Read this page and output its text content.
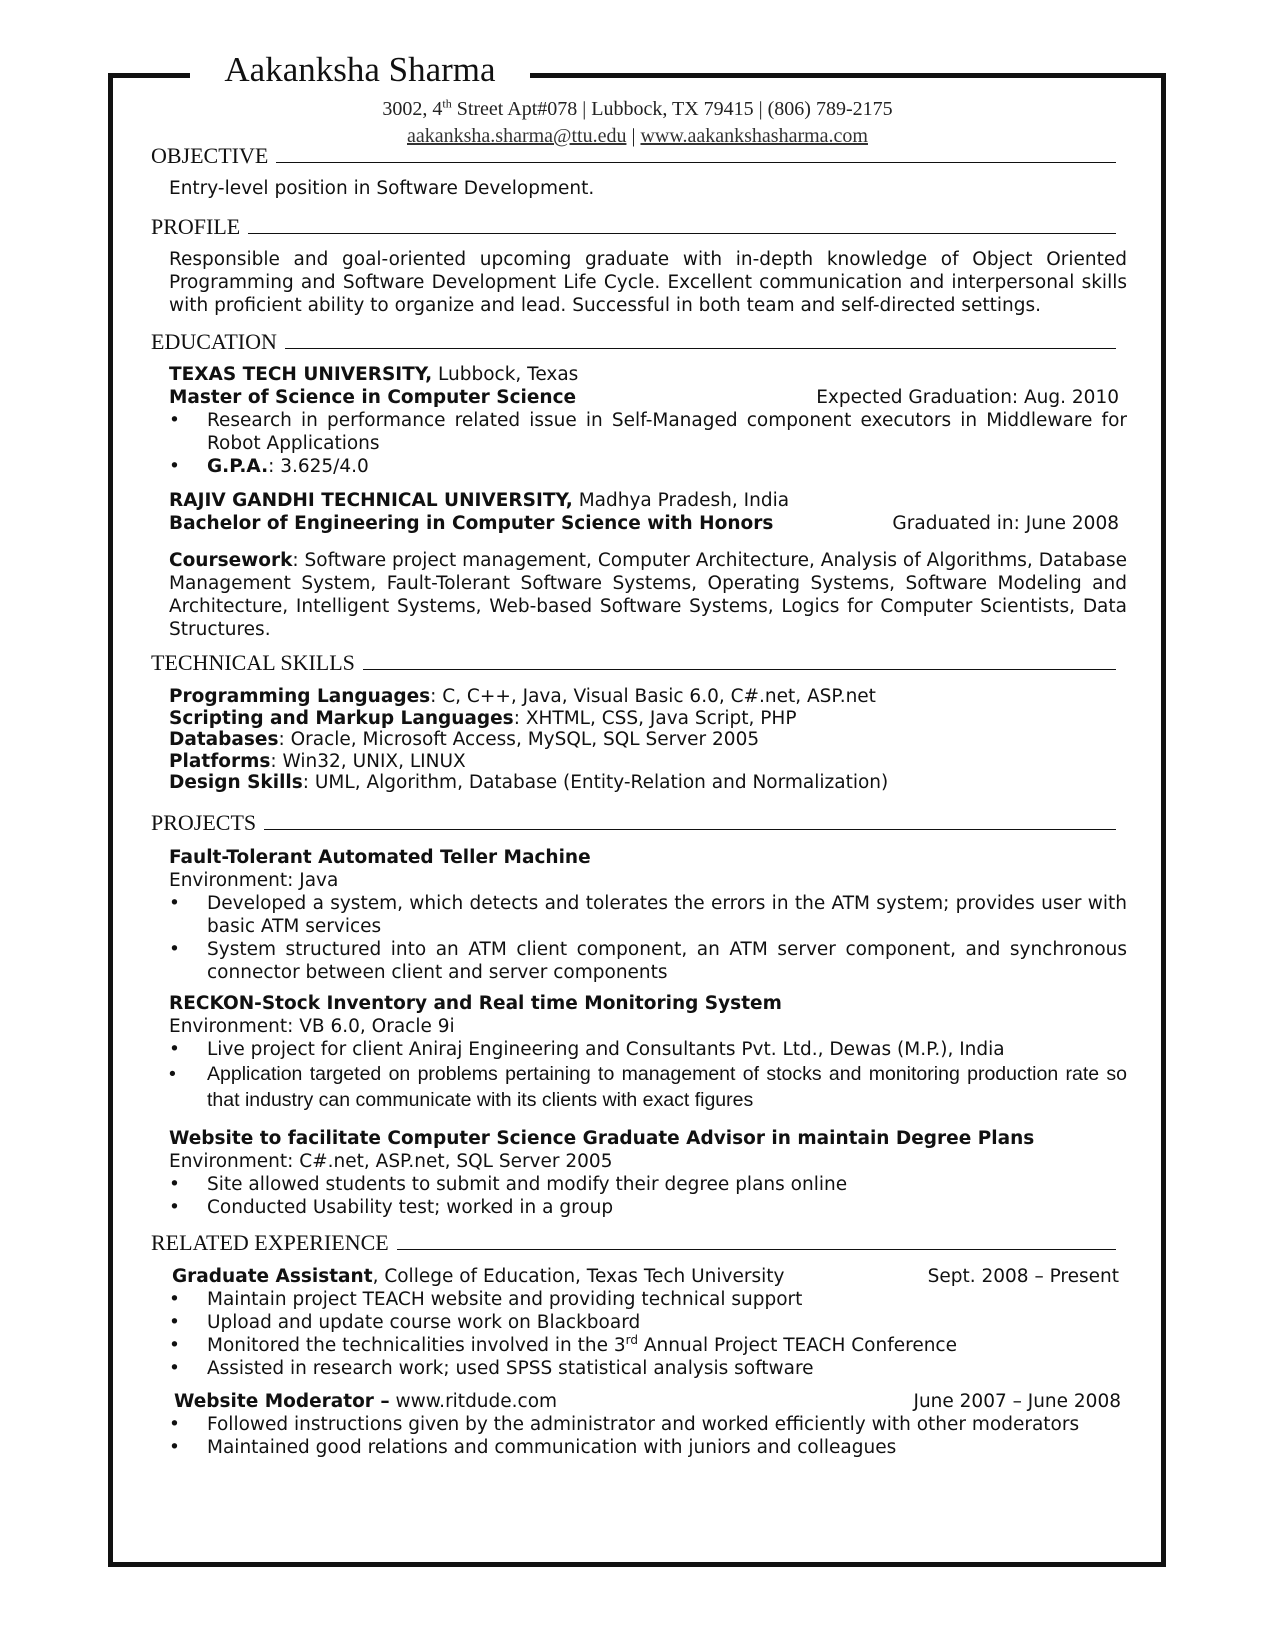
Aakanksha Sharma
3002, 4th Street Apt#078 | Lubbock, TX 79415 | (806) 789-2175
aakanksha.sharma@ttu.edu | www.aakankshasharma.com
OBJECTIVE
Entry-level position in Software Development.
PROFILE
Responsible and goal-oriented upcoming graduate with in-depth knowledge of Object Oriented Programming and Software Development Life Cycle. Excellent communication and interpersonal skills with proficient ability to organize and lead. Successful in both team and self-directed settings.
EDUCATION
TEXAS TECH UNIVERSITY, Lubbock, Texas
Master of Science in Computer Science	Expected Graduation: Aug. 2010
• Research in performance related issue in Self-Managed component executors in Middleware for Robot Applications
• G.P.A.: 3.625/4.0
RAJIV GANDHI TECHNICAL UNIVERSITY, Madhya Pradesh, India
Bachelor of Engineering in Computer Science with Honors	Graduated in: June 2008
Coursework: Software project management, Computer Architecture, Analysis of Algorithms, Database Management System, Fault-Tolerant Software Systems, Operating Systems, Software Modeling and Architecture, Intelligent Systems, Web-based Software Systems, Logics for Computer Scientists, Data Structures.
TECHNICAL SKILLS
Programming Languages: C, C++, Java, Visual Basic 6.0, C#.net, ASP.net
Scripting and Markup Languages: XHTML, CSS, Java Script, PHP
Databases: Oracle, Microsoft Access, MySQL, SQL Server 2005
Platforms: Win32, UNIX, LINUX
Design Skills: UML, Algorithm, Database (Entity-Relation and Normalization)
PROJECTS
Fault-Tolerant Automated Teller Machine
Environment: Java
• Developed a system, which detects and tolerates the errors in the ATM system; provides user with basic ATM services
• System structured into an ATM client component, an ATM server component, and synchronous connector between client and server components
RECKON-Stock Inventory and Real time Monitoring System
Environment: VB 6.0, Oracle 9i
• Live project for client Aniraj Engineering and Consultants Pvt. Ltd., Dewas (M.P.), India
• Application targeted on problems pertaining to management of stocks and monitoring production rate so that industry can communicate with its clients with exact figures
Website to facilitate Computer Science Graduate Advisor in maintain Degree Plans
Environment: C#.net, ASP.net, SQL Server 2005
• Site allowed students to submit and modify their degree plans online
• Conducted Usability test; worked in a group
RELATED EXPERIENCE
Graduate Assistant, College of Education, Texas Tech University	Sept. 2008 – Present
• Maintain project TEACH website and providing technical support
• Upload and update course work on Blackboard
• Monitored the technicalities involved in the 3rd Annual Project TEACH Conference
• Assisted in research work; used SPSS statistical analysis software
Website Moderator – www.ritdude.com	June 2007 – June 2008
• Followed instructions given by the administrator and worked efficiently with other moderators
• Maintained good relations and communication with juniors and colleagues
